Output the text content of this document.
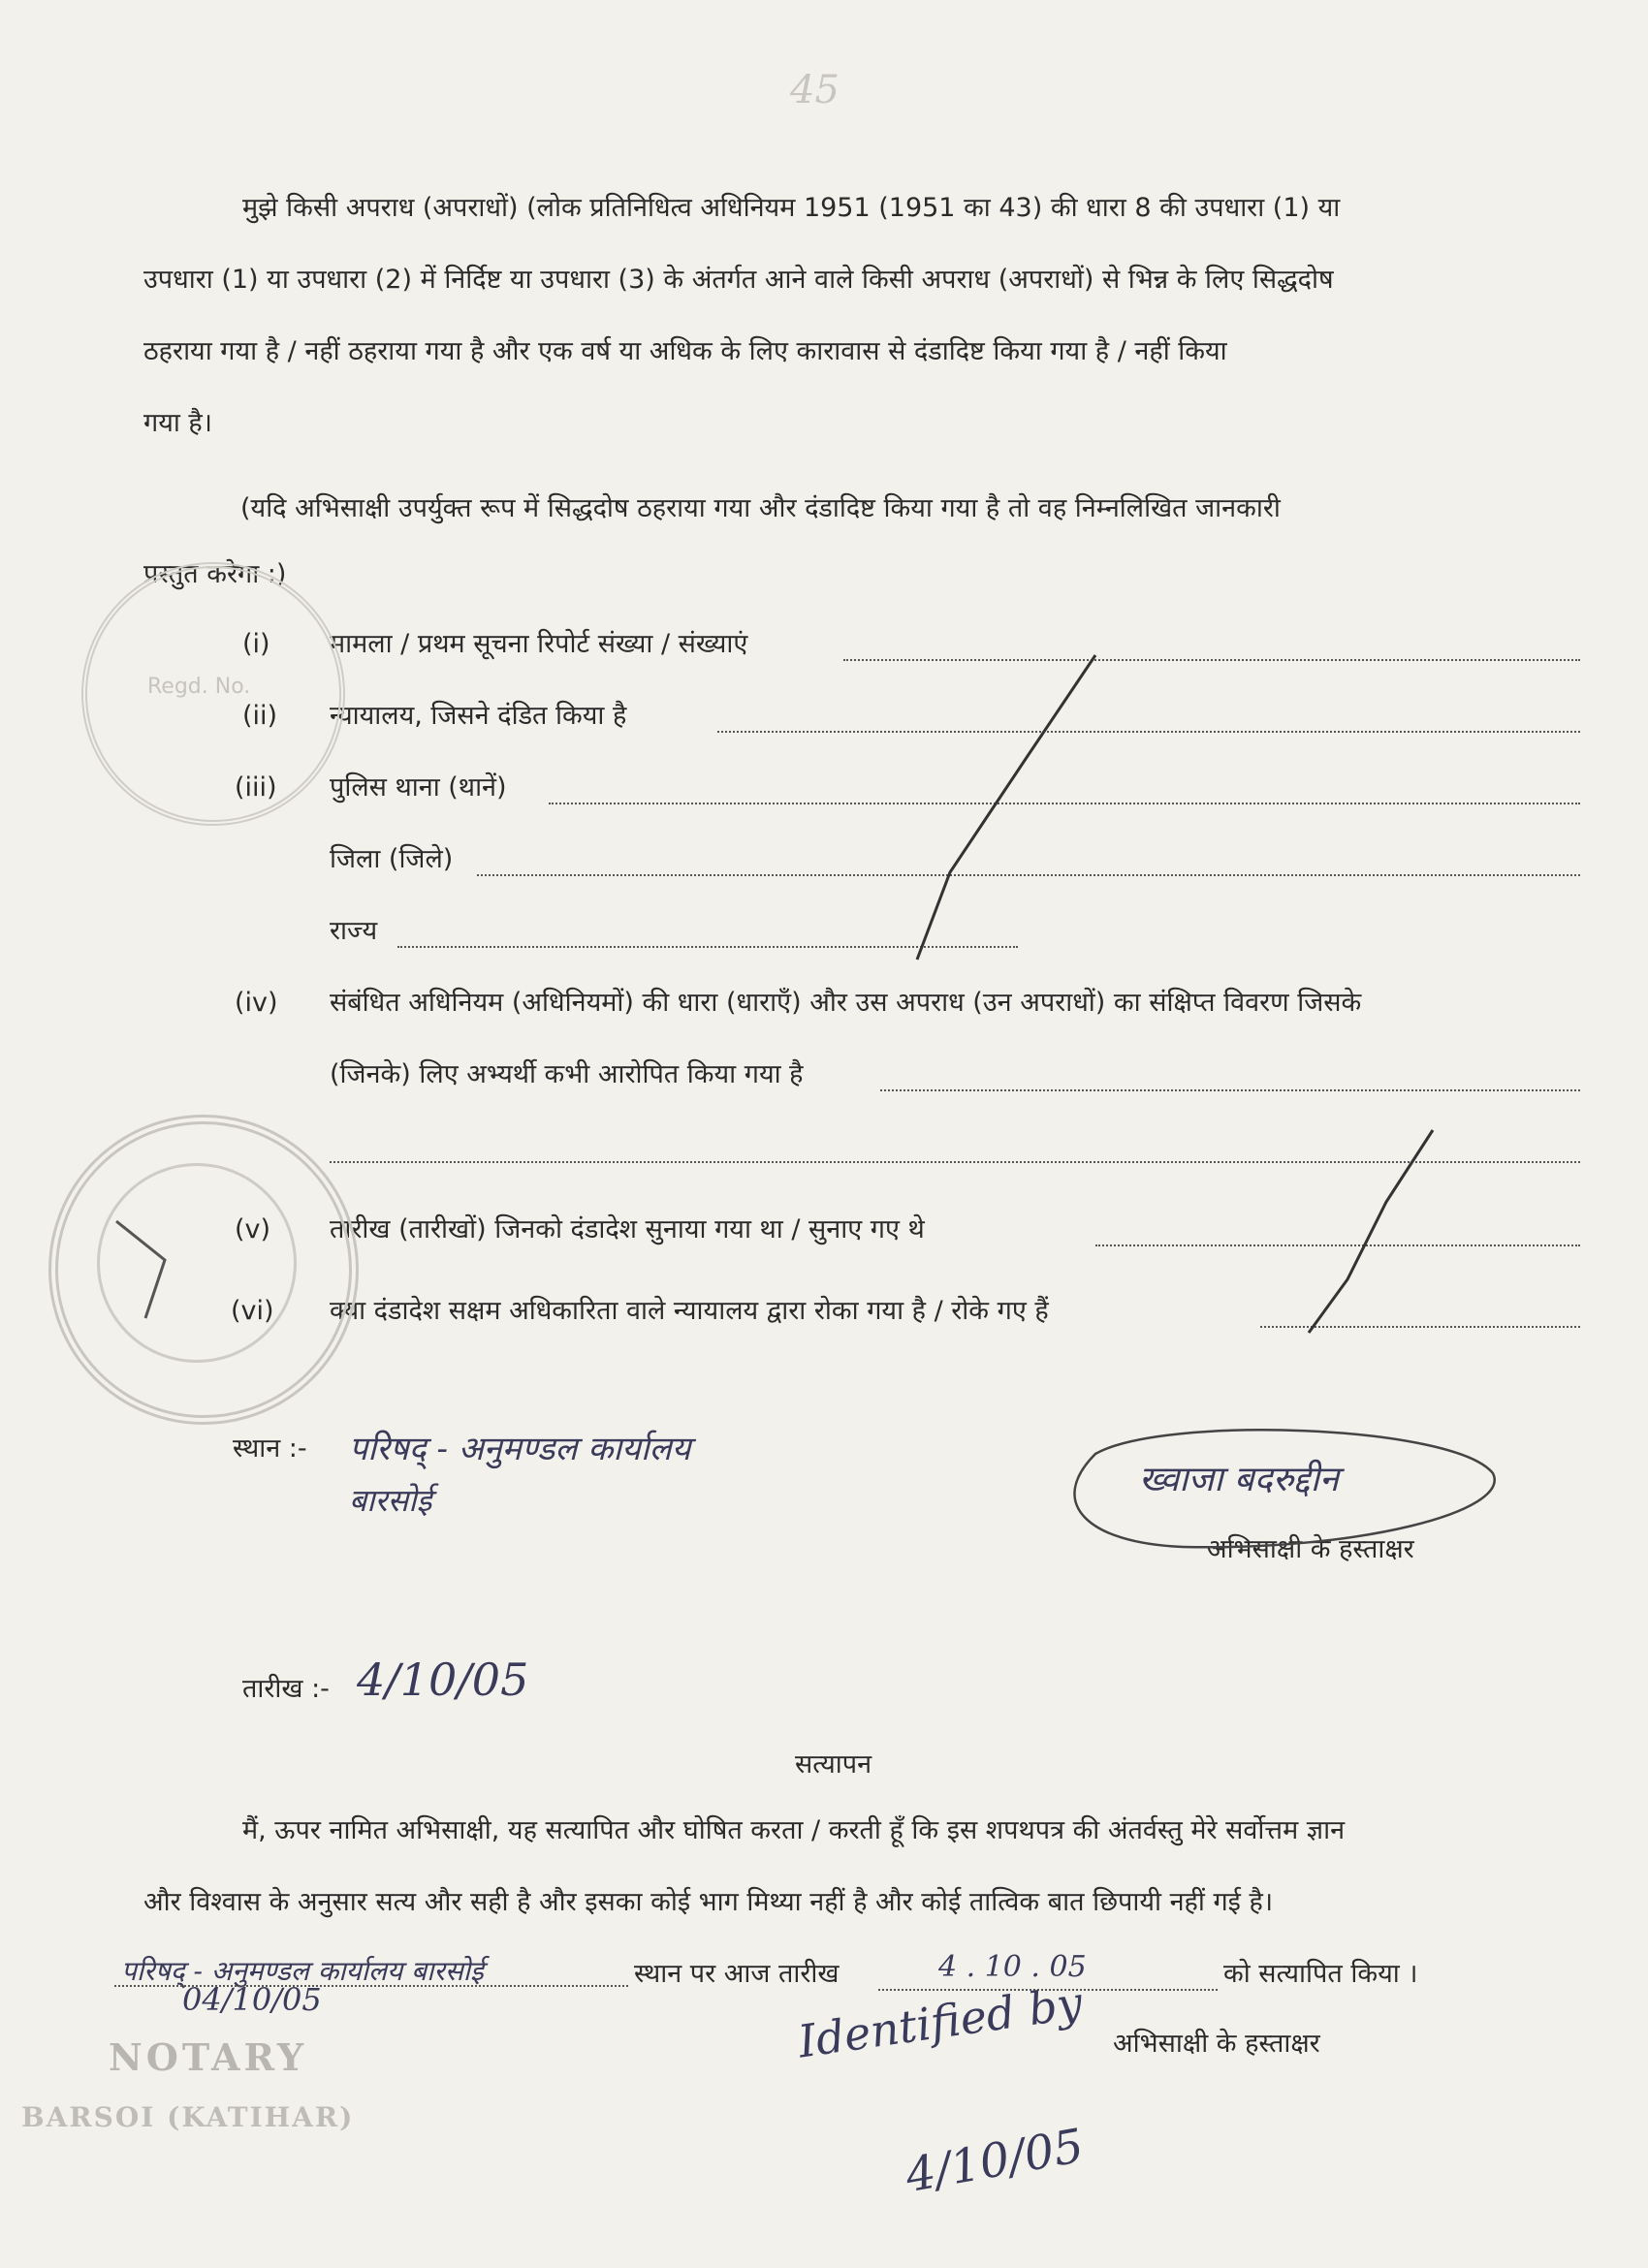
45
मुझे किसी अपराध (अपराधों) (लोक प्रतिनिधित्व अधिनियम 1951 (1951 का 43) की धारा 8 की उपधारा (1) या
उपधारा (1) या उपधारा (2) में निर्दिष्ट या उपधारा (3) के अंतर्गत आने वाले किसी अपराध (अपराधों) से भिन्न के लिए सिद्धदोष
ठहराया गया है / नहीं ठहराया गया है और एक वर्ष या अधिक के लिए कारावास से दंडादिष्ट किया गया है / नहीं किया
गया है।
(यदि अभिसाक्षी उपर्युक्त रूप में सिद्धदोष ठहराया गया और दंडादिष्ट किया गया है तो वह निम्नलिखित जानकारी
प्रस्तुत करेगा :)
(i) मामला / प्रथम सूचना रिपोर्ट संख्या / संख्याएं
(ii) न्यायालय, जिसने दंडित किया है
(iii) पुलिस थाना (थानें)
जिला (जिले)
राज्य
(iv) संबंधित अधिनियम (अधिनियमों) की धारा (धाराएँ) और उस अपराध (उन अपराधों) का संक्षिप्त विवरण जिसके
(जिनके) लिए अभ्यर्थी कभी आरोपित किया गया है
(v) तारीख (तारीखों) जिनको दंडादेश सुनाया गया था / सुनाए गए थे
(vi) क्या दंडादेश सक्षम अधिकारिता वाले न्यायालय द्वारा रोका गया है / रोके गए हैं
स्थान :- परिषद् - अनुमण्डल कार्यालय
बारसोई
ख्वाजा बदरुद्दीन
अभिसाक्षी के हस्ताक्षर
तारीख :- 4/10/05
सत्यापन
मैं, ऊपर नामित अभिसाक्षी, यह सत्यापित और घोषित करता / करती हूँ कि इस शपथपत्र की अंतर्वस्तु मेरे सर्वोत्तम ज्ञान
और विश्वास के अनुसार सत्य और सही है और इसका कोई भाग मिथ्या नहीं है और कोई तात्विक बात छिपायी नहीं गई है।
परिषद् - अनुमण्डल कार्यालय बारसोई	स्थान पर आज तारीख	4 . 10 . 05	को सत्यापित किया ।
अभिसाक्षी के हस्ताक्षर
NOTARY
BARSOI (KATIHAR)
04/10/05	Identified by
4/10/05
Regd. No.
